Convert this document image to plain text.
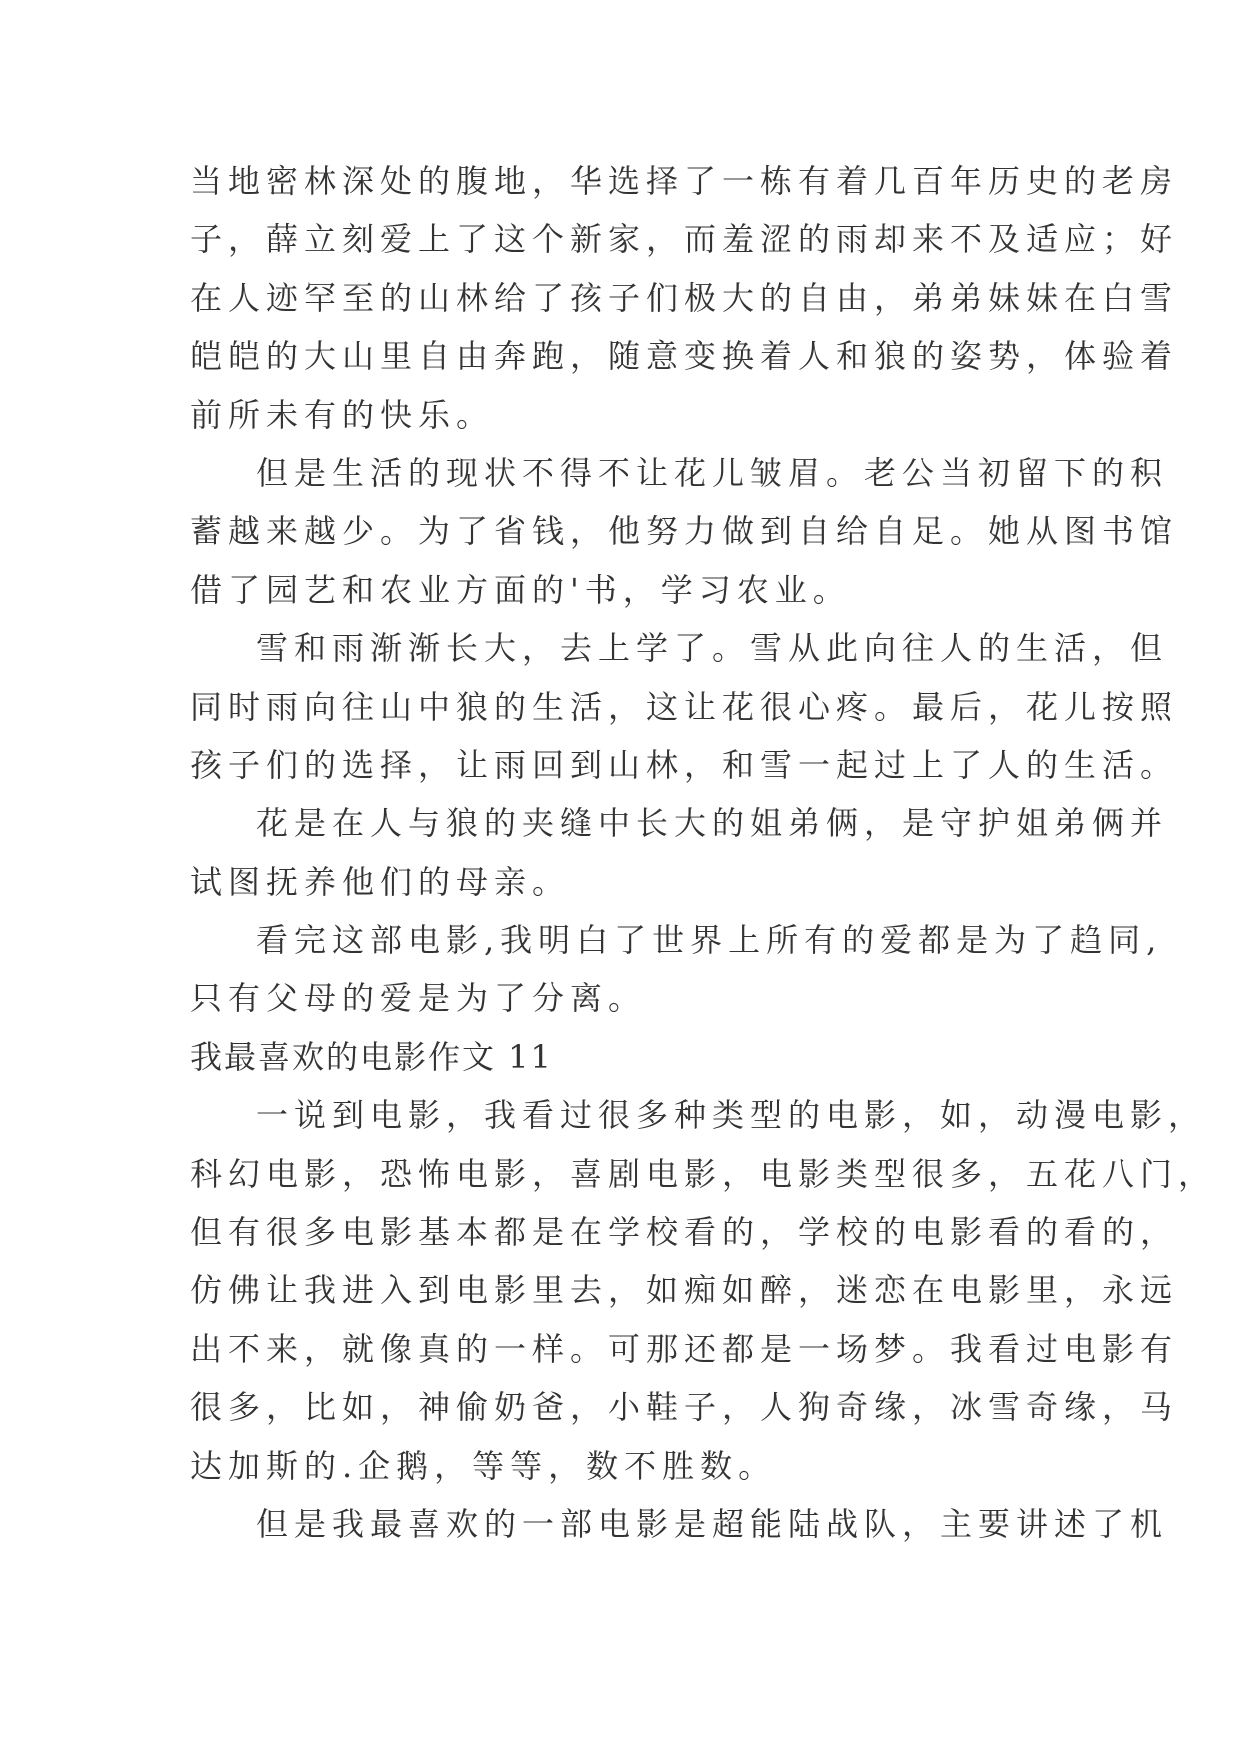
当地密林深处的腹地，华选择了一栋有着几百年历史的老房
子，薛立刻爱上了这个新家，而羞涩的雨却来不及适应；好
在人迹罕至的山林给了孩子们极大的自由，弟弟妹妹在白雪
皑皑的大山里自由奔跑，随意变换着人和狼的姿势，体验着
前所未有的快乐。
但是生活的现状不得不让花儿皱眉。老公当初留下的积
蓄越来越少。为了省钱，他努力做到自给自足。她从图书馆
借了园艺和农业方面的'书，学习农业。
雪和雨渐渐长大，去上学了。雪从此向往人的生活，但
同时雨向往山中狼的生活，这让花很心疼。最后，花儿按照
孩子们的选择，让雨回到山林，和雪一起过上了人的生活。
花是在人与狼的夹缝中长大的姐弟俩，是守护姐弟俩并
试图抚养他们的母亲。
看完这部电影,我明白了世界上所有的爱都是为了趋同,
只有父母的爱是为了分离。
我最喜欢的电影作文 11
一说到电影，我看过很多种类型的电影，如，动漫电影，
科幻电影，恐怖电影，喜剧电影，电影类型很多，五花八门，
但有很多电影基本都是在学校看的，学校的电影看的看的，
仿佛让我进入到电影里去，如痴如醉，迷恋在电影里，永远
出不来，就像真的一样。可那还都是一场梦。我看过电影有
很多，比如，神偷奶爸，小鞋子，人狗奇缘，冰雪奇缘，马
达加斯的.企鹅，等等，数不胜数。
但是我最喜欢的一部电影是超能陆战队，主要讲述了机
